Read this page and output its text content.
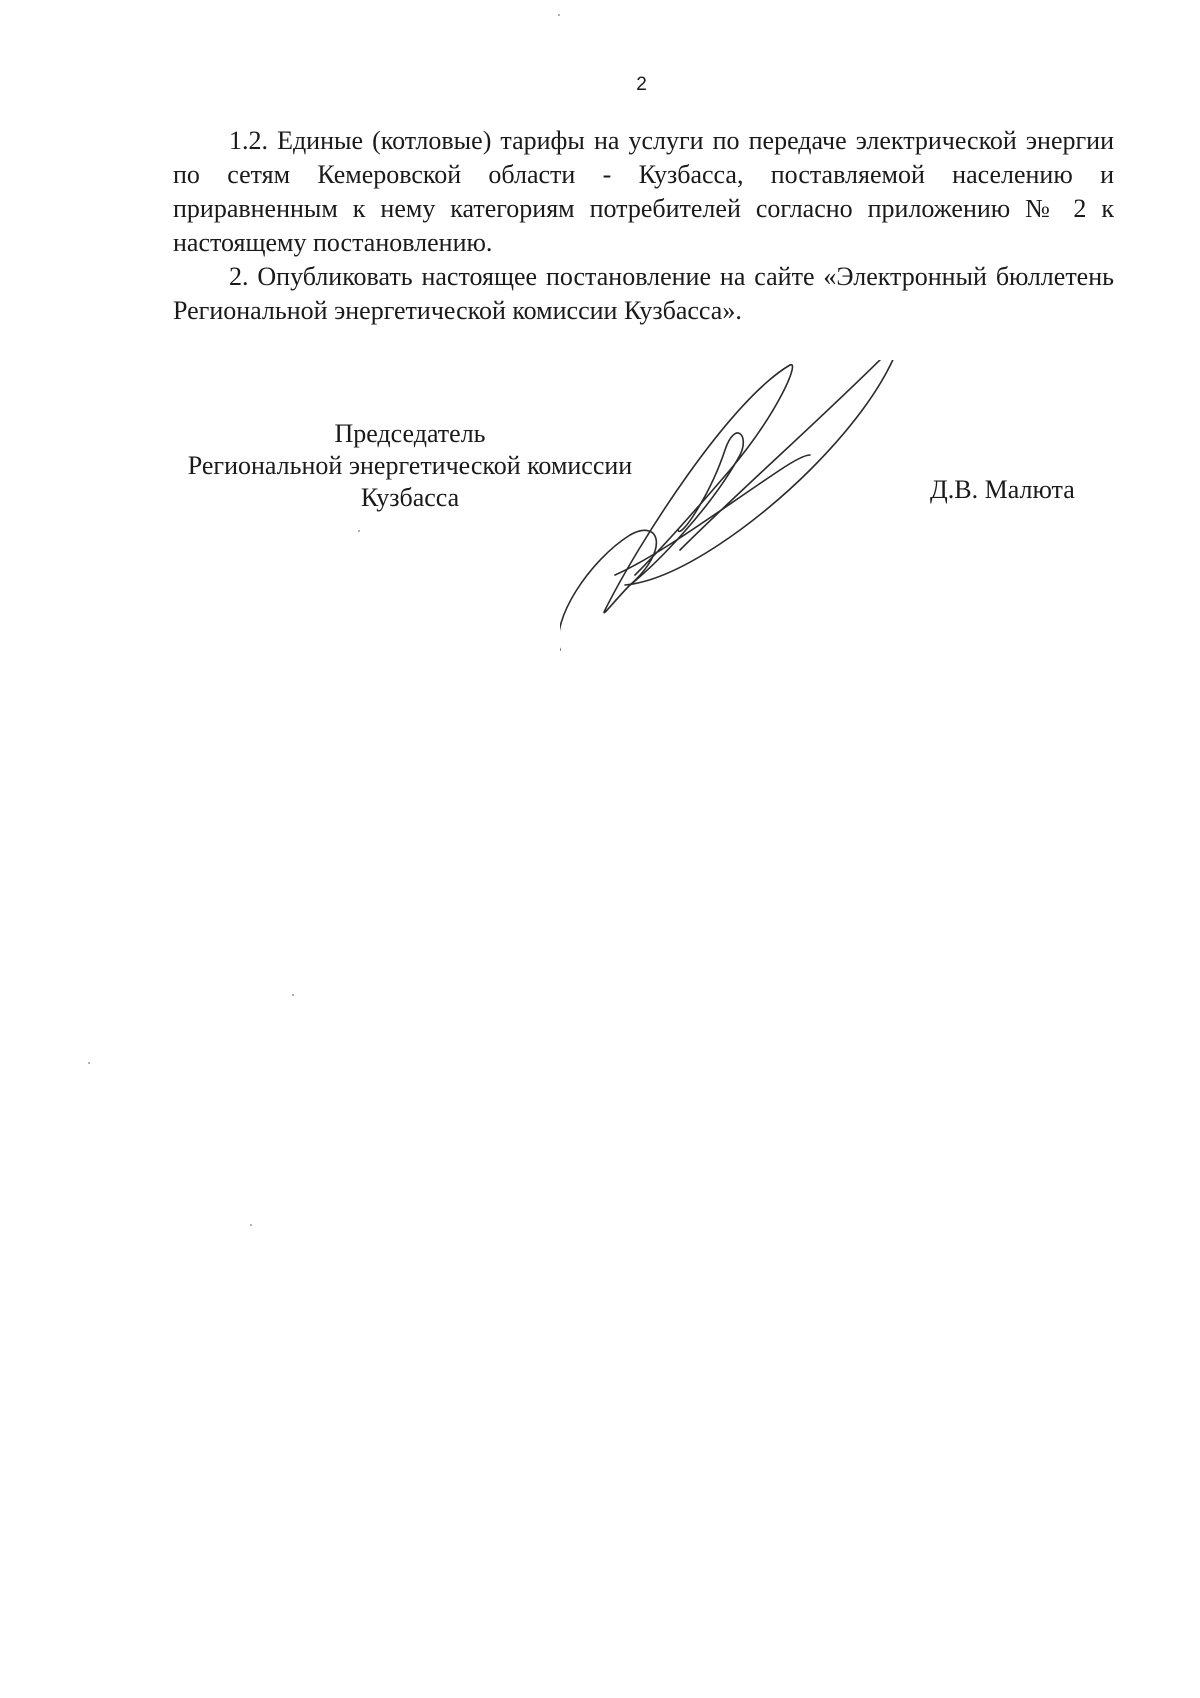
2

1.2. Единые (котловые) тарифы на услуги по передаче электрической энергии по сетям Кемеровской области - Кузбасса, поставляемой населению и приравненным к нему категориям потребителей согласно приложению № 2 к настоящему постановлению.

2. Опубликовать настоящее постановление на сайте «Электронный бюллетень Региональной энергетической комиссии Кузбасса».

Председатель
Региональной энергетической комиссии
Кузбасса	Д.В. Малюта
